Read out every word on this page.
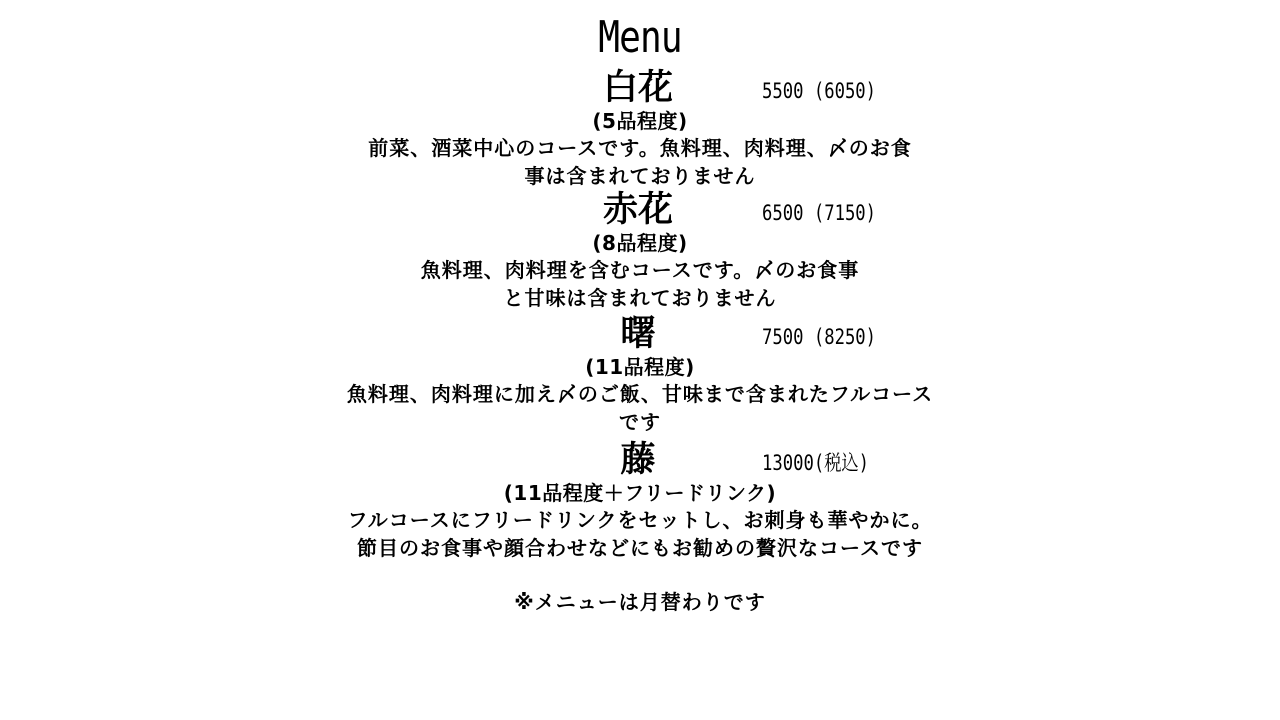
Menu
白花	5500 (6050)
(5品程度)
前菜、酒菜中心のコースです。魚料理、肉料理、〆のお食事は含まれておりません
赤花	6500 (7150)
(8品程度)
魚料理、肉料理を含むコースです。〆のお食事と甘味は含まれておりません
曙	7500 (8250)
(11品程度)
魚料理、肉料理に加え〆のご飯、甘味まで含まれたフルコースです
藤	13000(税込)
(11品程度＋フリードリンク)
フルコースにフリードリンクをセットし、お刺身も華やかに。節目のお食事や顔合わせなどにもお勧めの贅沢なコースです
※メニューは月替わりです
